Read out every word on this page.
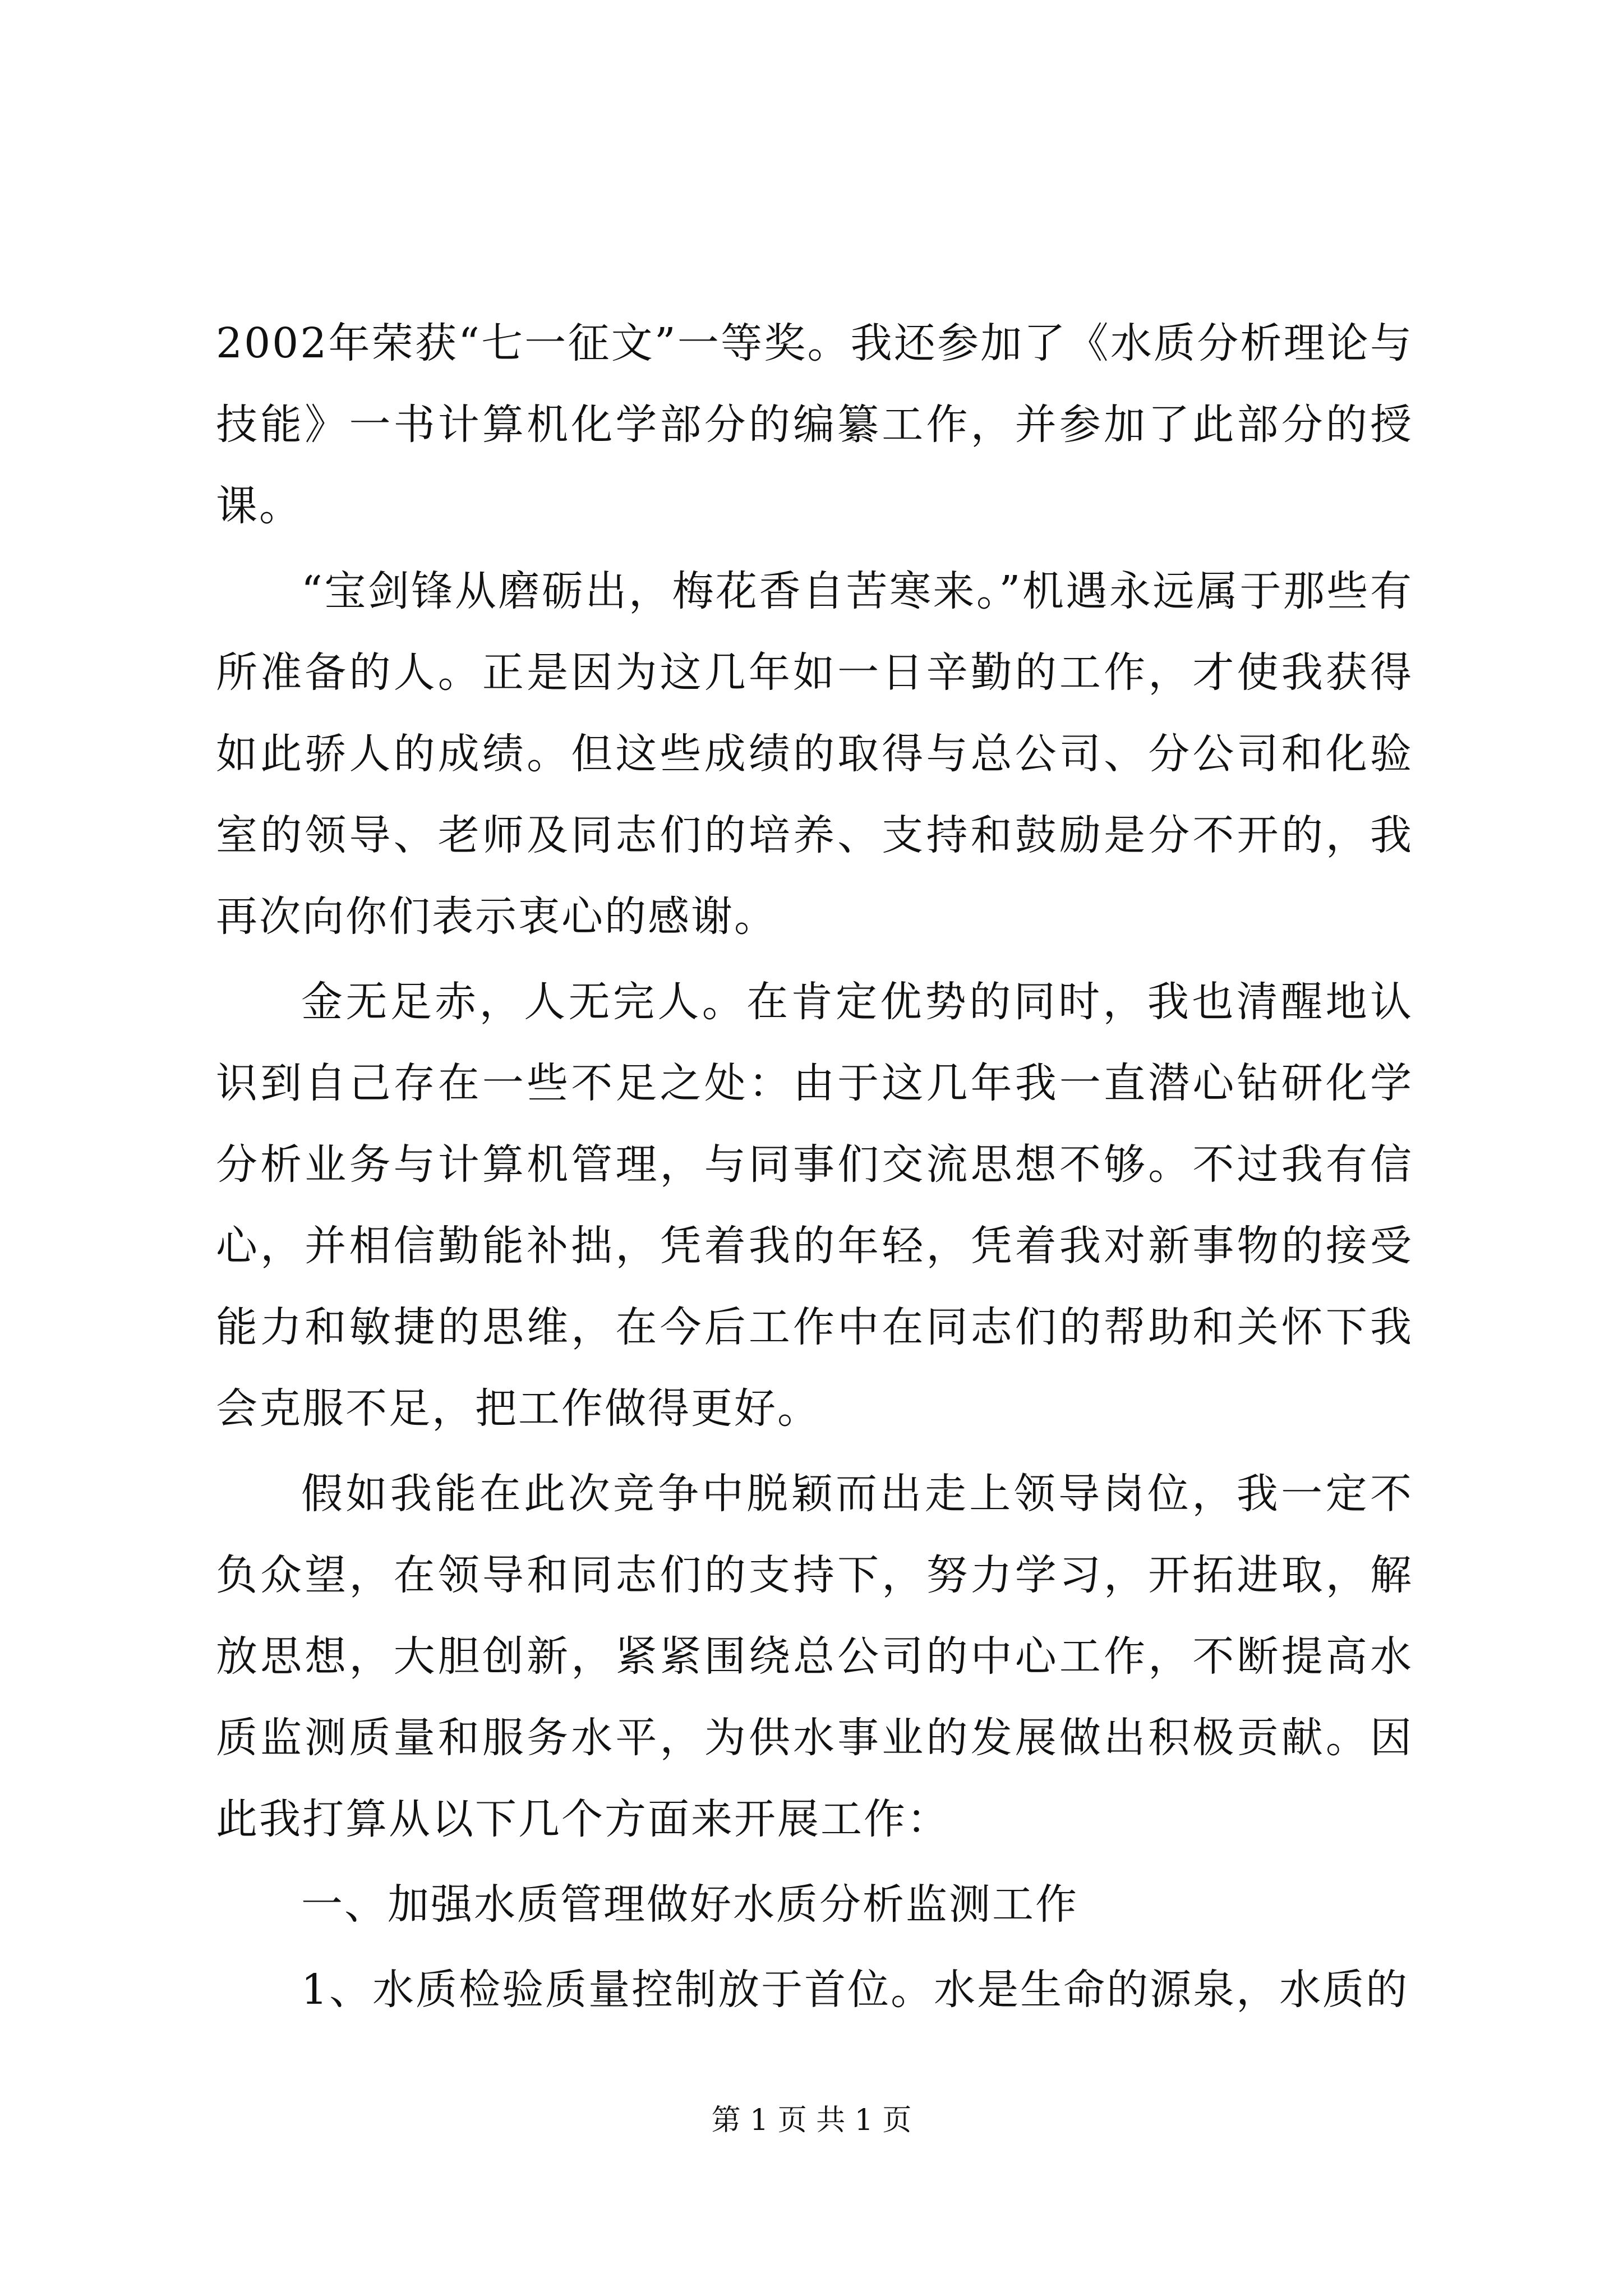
2002年荣获“七一征文”一等奖。我还参加了《水质分析理论与技能》一书计算机化学部分的编纂工作，并参加了此部分的授课。

“宝剑锋从磨砺出，梅花香自苦寒来。”机遇永远属于那些有所准备的人。正是因为这几年如一日辛勤的工作，才使我获得如此骄人的成绩。但这些成绩的取得与总公司、分公司和化验室的领导、老师及同志们的培养、支持和鼓励是分不开的，我再次向你们表示衷心的感谢。

金无足赤，人无完人。在肯定优势的同时，我也清醒地认识到自己存在一些不足之处：由于这几年我一直潜心钻研化学分析业务与计算机管理，与同事们交流思想不够。不过我有信心，并相信勤能补拙，凭着我的年轻，凭着我对新事物的接受能力和敏捷的思维，在今后工作中在同志们的帮助和关怀下我会克服不足，把工作做得更好。

假如我能在此次竞争中脱颖而出走上领导岗位，我一定不负众望，在领导和同志们的支持下，努力学习，开拓进取，解放思想，大胆创新，紧紧围绕总公司的中心工作，不断提高水质监测质量和服务水平，为供水事业的发展做出积极贡献。因此我打算从以下几个方面来开展工作：

一、加强水质管理做好水质分析监测工作

1、水质检验质量控制放于首位。水是生命的源泉，水质的

第 1 页 共 1 页
